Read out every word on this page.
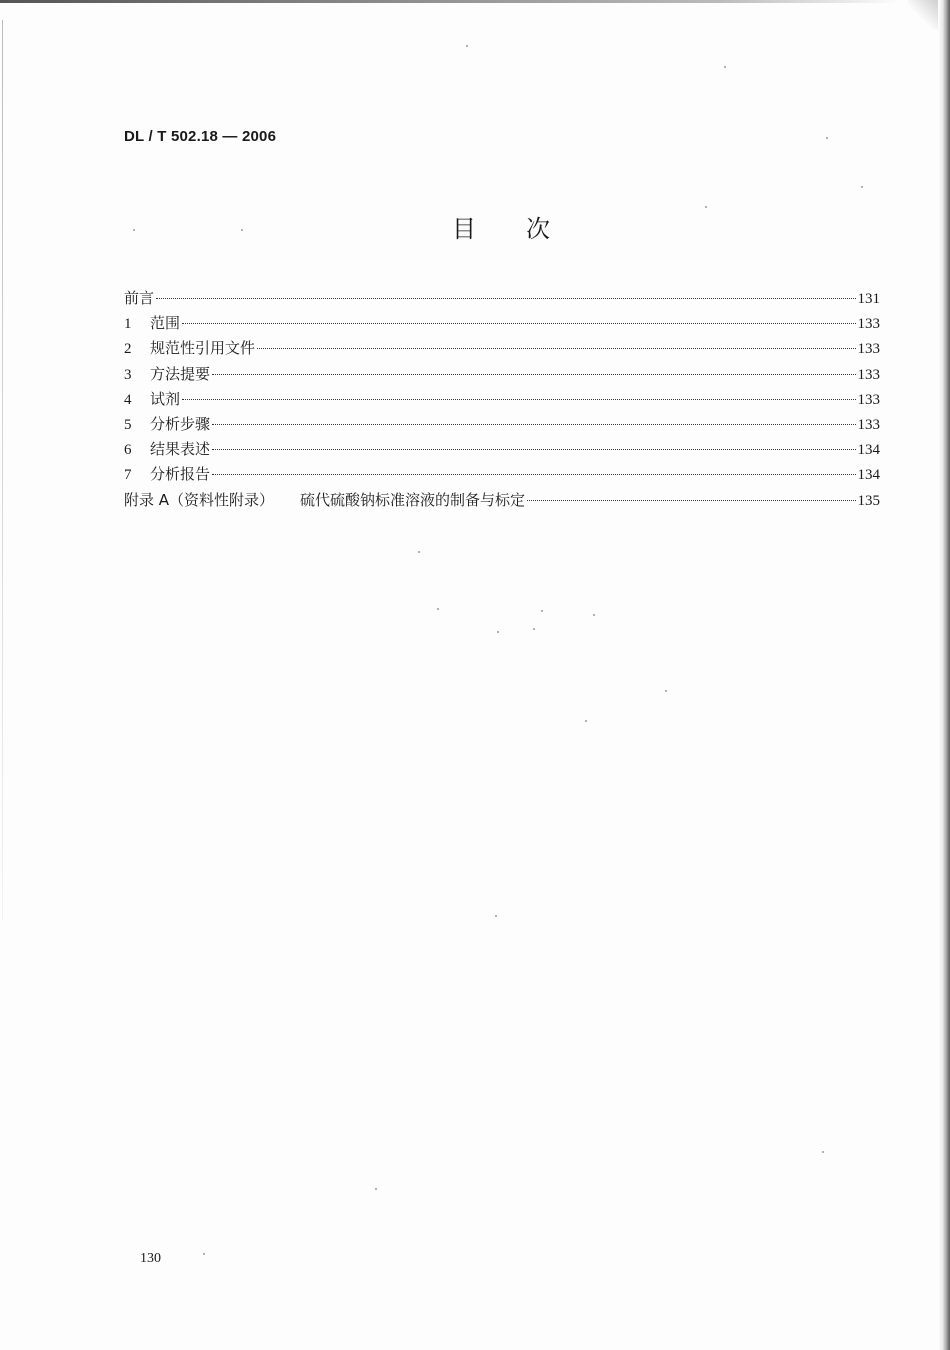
DL / T 502.18 — 2006
目 次
前言	131
1	范围	133
2	规范性引用文件	133
3	方法提要	133
4	试剂	133
5	分析步骤	133
6	结果表述	134
7	分析报告	134
附录 A（资料性附录） 硫代硫酸钠标准溶液的制备与标定	135
130
